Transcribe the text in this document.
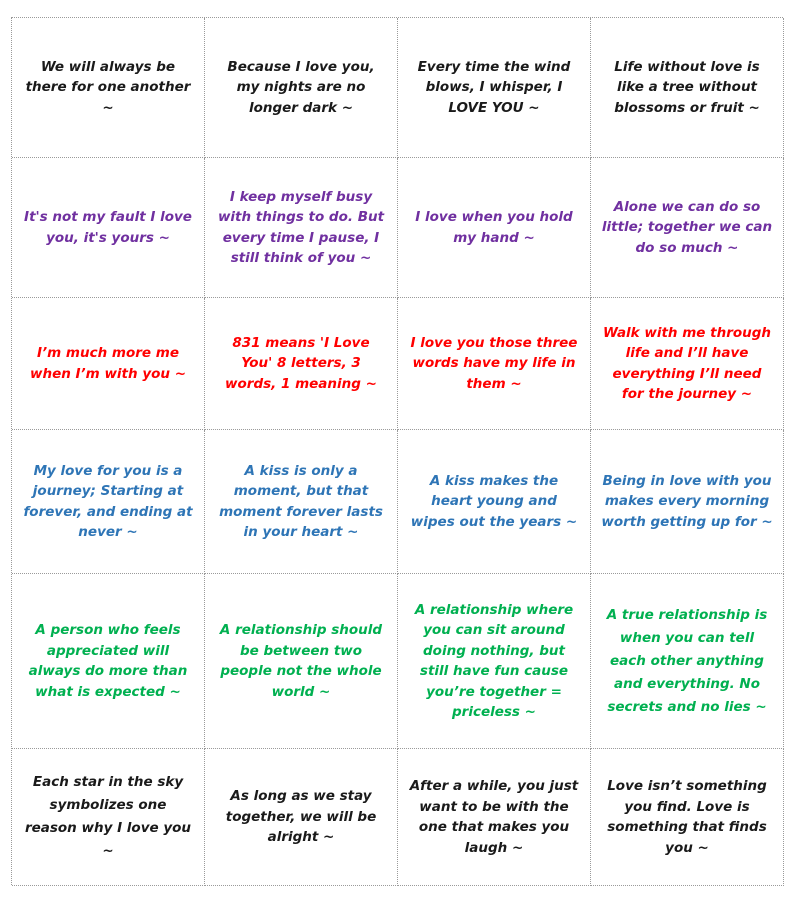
We will always be there for one another ~
Because I love you, my nights are no longer dark ~
Every time the wind blows, I whisper, I LOVE YOU ~
Life without love is like a tree without blossoms or fruit ~
It's not my fault I love you, it's yours ~
I keep myself busy with things to do. But every time I pause, I still think of you ~
I love when you hold my hand ~
Alone we can do so little; together we can do so much ~
I’m much more me when I’m with you ~
831 means 'I Love You' 8 letters, 3 words, 1 meaning ~
I love you those three words have my life in them ~
Walk with me through life and I’ll have everything I’ll need for the journey ~
My love for you is a journey; Starting at forever, and ending at never ~
A kiss is only a moment, but that moment forever lasts in your heart ~
A kiss makes the heart young and wipes out the years ~
Being in love with you makes every morning worth getting up for ~
A person who feels appreciated will always do more than what is expected ~
A relationship should be between two people not the whole world ~
A relationship where you can sit around doing nothing, but still have fun cause you’re together = priceless ~
A true relationship is when you can tell each other anything and everything. No secrets and no lies ~
Each star in the sky symbolizes one reason why I love you ~
As long as we stay together, we will be alright ~
After a while, you just want to be with the one that makes you laugh ~
Love isn’t something you find. Love is something that finds you ~
